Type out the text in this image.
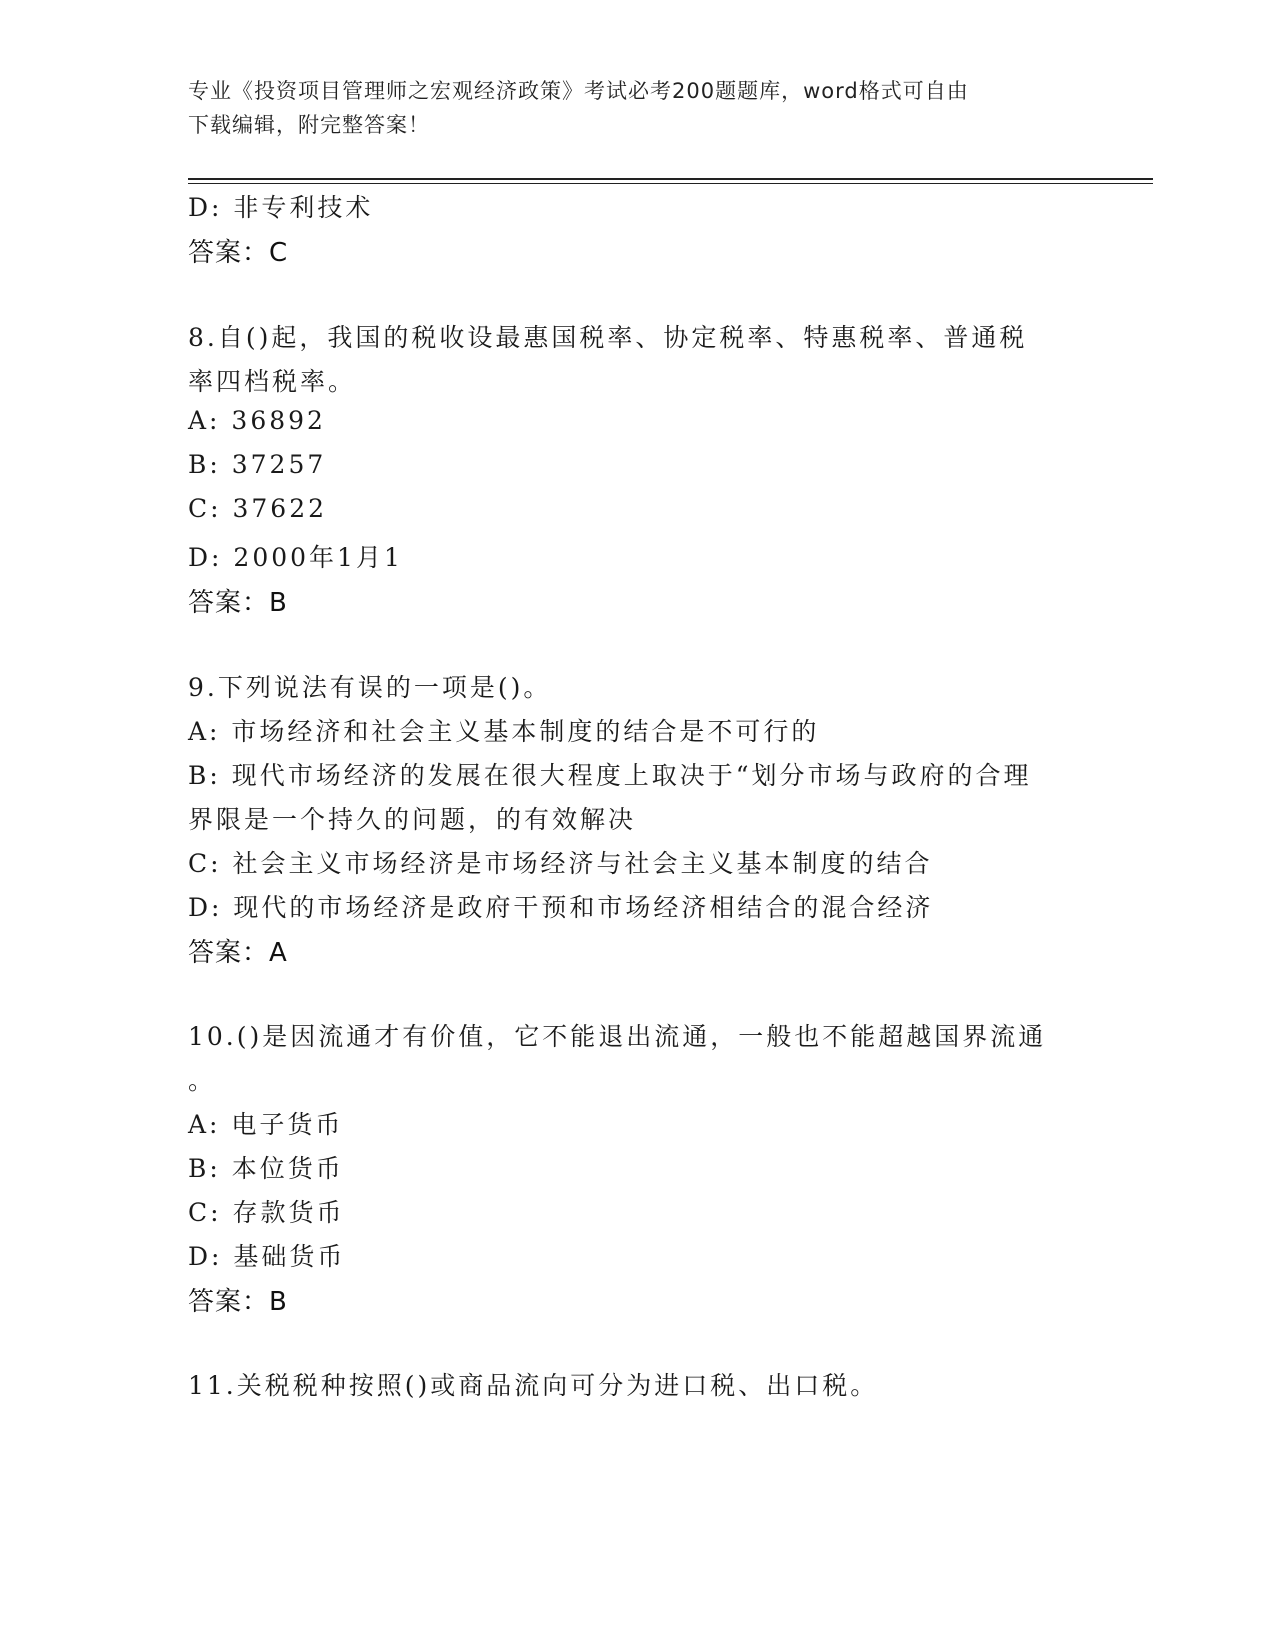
专业《投资项目管理师之宏观经济政策》考试必考200题题库，word格式可自由
下载编辑，附完整答案！
D: 非专利技术
答案：C
8.自()起，我国的税收设最惠国税率、协定税率、特惠税率、普通税
率四档税率。
A: 36892
B: 37257
C: 37622
D: 2000年1月1
答案：B
9.下列说法有误的一项是()。
A: 市场经济和社会主义基本制度的结合是不可行的
B: 现代市场经济的发展在很大程度上取决于“划分市场与政府的合理
界限是一个持久的问题，的有效解决
C: 社会主义市场经济是市场经济与社会主义基本制度的结合
D: 现代的市场经济是政府干预和市场经济相结合的混合经济
答案：A
10.()是因流通才有价值，它不能退出流通，一般也不能超越国界流通
。
A: 电子货币
B: 本位货币
C: 存款货币
D: 基础货币
答案：B
11.关税税种按照()或商品流向可分为进口税、出口税。
